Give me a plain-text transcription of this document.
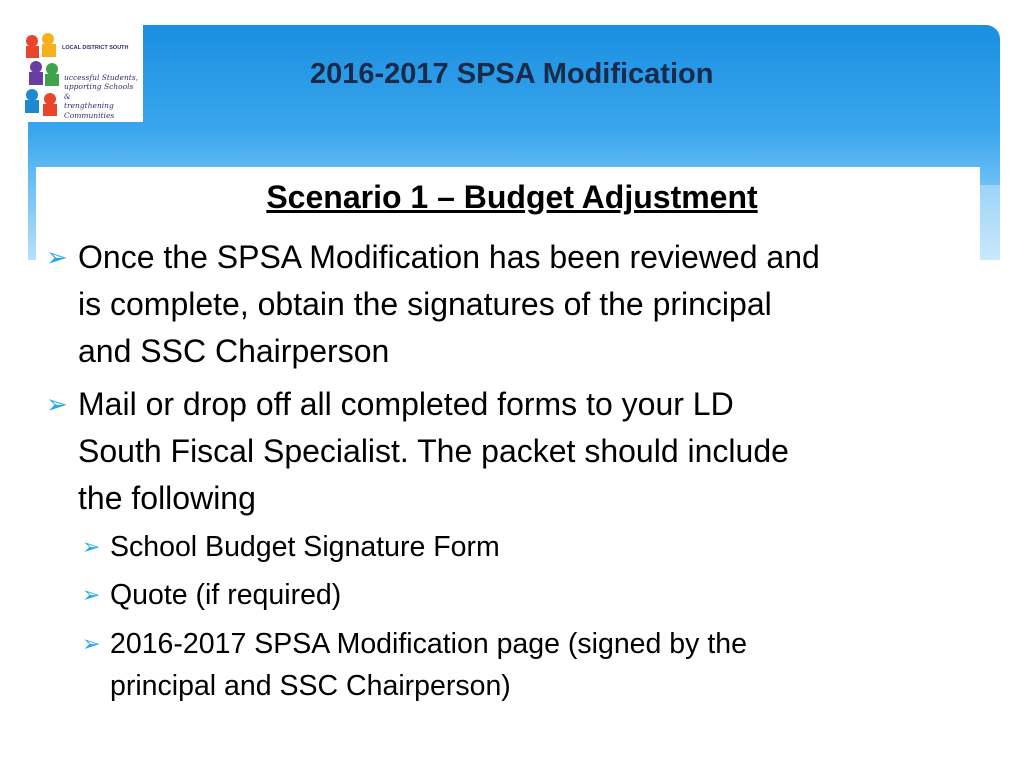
LOCAL DISTRICT SOUTH
uccessful Students,
upporting Schools &
trengthening Communities
2016-2017 SPSA Modification
Scenario 1 – Budget Adjustment
➢ Once the SPSA Modification has been reviewed and
is complete, obtain the signatures of the principal
and SSC Chairperson
➢ Mail or drop off all completed forms to your LD
South Fiscal Specialist. The packet should include
the following
➢ School Budget Signature Form
➢ Quote (if required)
➢ 2016-2017 SPSA Modification page (signed by the
principal and SSC Chairperson)
